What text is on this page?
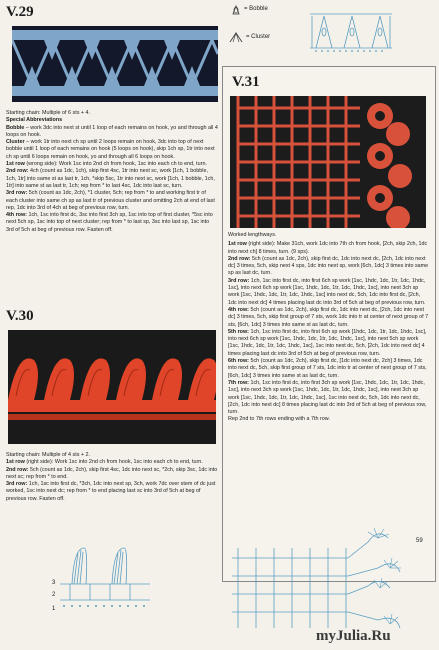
V.29	= Bobble
= Cluster
Starting chain: Multiple of 6 sts + 4.
Special Abbreviations
Bobble – work 3dc into next st until 1 loop of each remains on hook, yo and through all 4 loops on hook.
Cluster – work 1tr into next ch sp until 2 loops remain on hook, 3dc into top of next bobble until 1 loop of each remains on hook (5 loops on hook), skip 1ch sp, 1tr into next ch sp until 6 loops remain on hook, yo and through all 6 loops on hook.
1st row (wrong side): Work 1sc into 2nd ch from hook, 1sc into each ch to end, turn.
2nd row: 4ch (count as 1dc, 1ch), skip first 4sc, 1tr into next sc, work [1ch, 1 bobble, 1ch, 1tr] into same st as last tr, 1ch, *skip 5sc, 1tr into next sc, work [1ch, 1 bobble, 1ch, 1tr] into same st as last tr, 1ch; rep from * to last 4sc, 1dc into last sc, turn.
3rd row: 5ch (count as 1dc, 2ch), *1 cluster, 5ch; rep from * to and working first tr of each cluster into same ch sp as last tr of previous cluster and omitting 2ch at end of last rep, 1dc into 3rd of 4ch at beg of previous row, turn.
4th row: 1ch, 1sc into first dc, 3sc into first 3ch sp, 1sc into top of first cluster, *5sc into next 5ch sp, 1sc into top of next cluster; rep from * to last sp, 3sc into last sp, 1sc into 3rd of 5ch at beg of previous row. Fasten off.
V.30
Starting chain: Multiple of 4 sts + 2.
1st row (right side): Work 1sc into 2nd ch from hook, 1sc into each ch to end, turn.
2nd row: 5ch (count as 1dc, 2ch), skip first 4sc, 1dc into next sc, *2ch, skip 3sc, 1dc into next sc; rep from * to end.
3rd row: 1ch, 1sc into first dc, *3ch, 1dc into next sp, 3ch, work 7dc over stem of dc just worked, 1sc into next dc; rep from * to end placing last sc into 3rd of 5ch at beg of previous row. Fasten off.
3
2
1
V.31
Worked lengthways.
1st row (right side): Make 31ch, work 1dc into 7th ch from hook, [2ch, skip 2ch, 1dc into next ch] 8 times, turn. (9 sps).
2nd row: 5ch (count as 1dc, 2ch), skip first dc, 1dc into next dc, [2ch, 1dc into next dc] 3 times, 5ch, skip next 4 sps, 1dc into next sp, work [6ch, 1dc] 3 times into same sp as last dc, turn.
3rd row: 1ch, 1sc into first dc, into first 6ch sp work [1sc, 1hdc, 1dc, 1tr, 1dc, 1hdc, 1sc], into next 6ch sp work [1sc, 1hdc, 1dc, 1tr, 1dc, 1hdc, 1sc], into next 3ch sp work [1sc, 1hdc, 1dc, 1tr, 1dc, 1hdc, 1sc] into next dc, 5ch, 1dc into first dc, [2ch, 1dc into next dc] 4 times placing last dc into 3rd of 5ch at beg of previous row, turn.
4th row: 5ch (count as 1dc, 2ch), skip first dc, 1dc into next dc, [2ch, 1dc into next dc] 3 times, 5ch, skip first group of 7 sts, work 1dc into tr at center of next group of 7 sts, [6ch, 1dc] 3 times into same st as last dc, turn.
5th row: 1ch, 1sc into first dc, into first 6ch sp work [1hdc, 1dc, 1tr, 1dc, 1hdc, 1sc], into next 6ch sp work [1sc, 1hdc, 1dc, 1tr, 1dc, 1hdc, 1sc], into next 5ch sp work [1sc, 1hdc, 1dc, 1tr, 1dc, 1hdc, 1sc], 1sc into next dc, 5ch, [2ch, 1dc into next dc] 4 times placing last dc into 3rd of 5ch at beg of previous row, turn.
6th row: 5ch (count as 1dc, 2ch), skip first dc, [1dc into next dc, 2ch] 3 times, 1dc into next dc, 5ch, skip first group of 7 sts, 1dc into tr at center of next group of 7 sts, [6ch, 1dc] 3 times into same st as last dc, turn.
7th row: 1ch, 1sc into first dc, into first 3ch sp work [1sc, 1hdc, 1dc, 1tr, 1dc, 1hdc, 1sc], into next 3ch sp work [1sc, 1hdc, 1dc, 1tr, 1dc, 1hdc, 1sc], into next 3ch sp work [1sc, 1hdc, 1dc, 1tr, 1dc, 1hdc, 1sc], 1sc into next dc, 5ch, 1dc into next dc, [2ch, 1dc into next dc] 8 times placing last dc into 3rd of 5ch at beg of previous row, turn.
Rep 2nd to 7th rows ending with a 7th row.
59
myJulia.Ru
